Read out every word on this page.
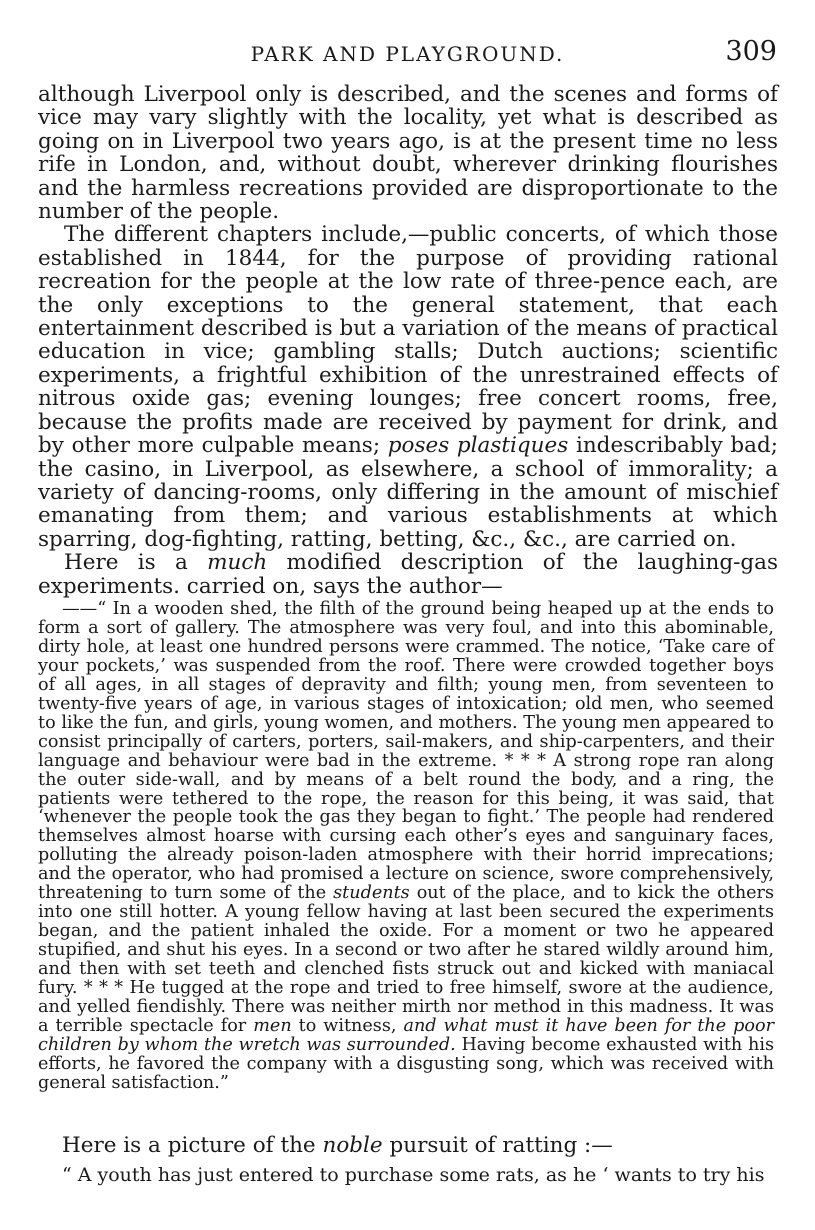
PARK AND PLAYGROUND.	309

although Liverpool only is described, and the scenes and forms of vice may vary slightly with the locality, yet what is described as going on in Liverpool two years ago, is at the present time no less rife in London, and, without doubt, wherever drinking flourishes and the harmless recreations provided are disproportionate to the number of the people.

The different chapters include,—public concerts, of which those established in 1844, for the purpose of providing rational recreation for the people at the low rate of three-pence each, are the only exceptions to the general statement, that each entertainment described is but a variation of the means of practical education in vice; gambling stalls; Dutch auctions; scientific experiments, a frightful exhibition of the unrestrained effects of nitrous oxide gas; evening lounges; free concert rooms, free, because the profits made are received by payment for drink, and by other more culpable means; poses plastiques indescribably bad; the casino, in Liverpool, as elsewhere, a school of immorality; a variety of dancing-rooms, only differing in the amount of mischief emanating from them; and various establishments at which sparring, dog-fighting, ratting, betting, &c., &c., are carried on.

Here is a much modified description of the laughing-gas experiments. carried on, says the author—

——“ In a wooden shed, the filth of the ground being heaped up at the ends to form a sort of gallery. The atmosphere was very foul, and into this abominable, dirty hole, at least one hundred persons were crammed. The notice, ‘Take care of your pockets,’ was suspended from the roof. There were crowded together boys of all ages, in all stages of depravity and filth; young men, from seventeen to twenty-five years of age, in various stages of intoxication; old men, who seemed to like the fun, and girls, young women, and mothers. The young men appeared to consist principally of carters, porters, sail-makers, and ship-carpenters, and their language and behaviour were bad in the extreme. * * * A strong rope ran along the outer side-wall, and by means of a belt round the body, and a ring, the patients were tethered to the rope, the reason for this being, it was said, that ‘whenever the people took the gas they began to fight.’ The people had rendered themselves almost hoarse with cursing each other’s eyes and sanguinary faces, polluting the already poison-laden atmosphere with their horrid imprecations; and the operator, who had promised a lecture on science, swore comprehensively, threatening to turn some of the students out of the place, and to kick the others into one still hotter. A young fellow having at last been secured the experiments began, and the patient inhaled the oxide. For a moment or two he appeared stupified, and shut his eyes. In a second or two after he stared wildly around him, and then with set teeth and clenched fists struck out and kicked with maniacal fury. * * * He tugged at the rope and tried to free himself, swore at the audience, and yelled fiendishly. There was neither mirth nor method in this madness. It was a terrible spectacle for men to witness, and what must it have been for the poor children by whom the wretch was surrounded. Having become exhausted with his efforts, he favored the company with a disgusting song, which was received with general satisfaction.”

Here is a picture of the noble pursuit of ratting :—

“ A youth has just entered to purchase some rats, as he ‘ wants to try his
